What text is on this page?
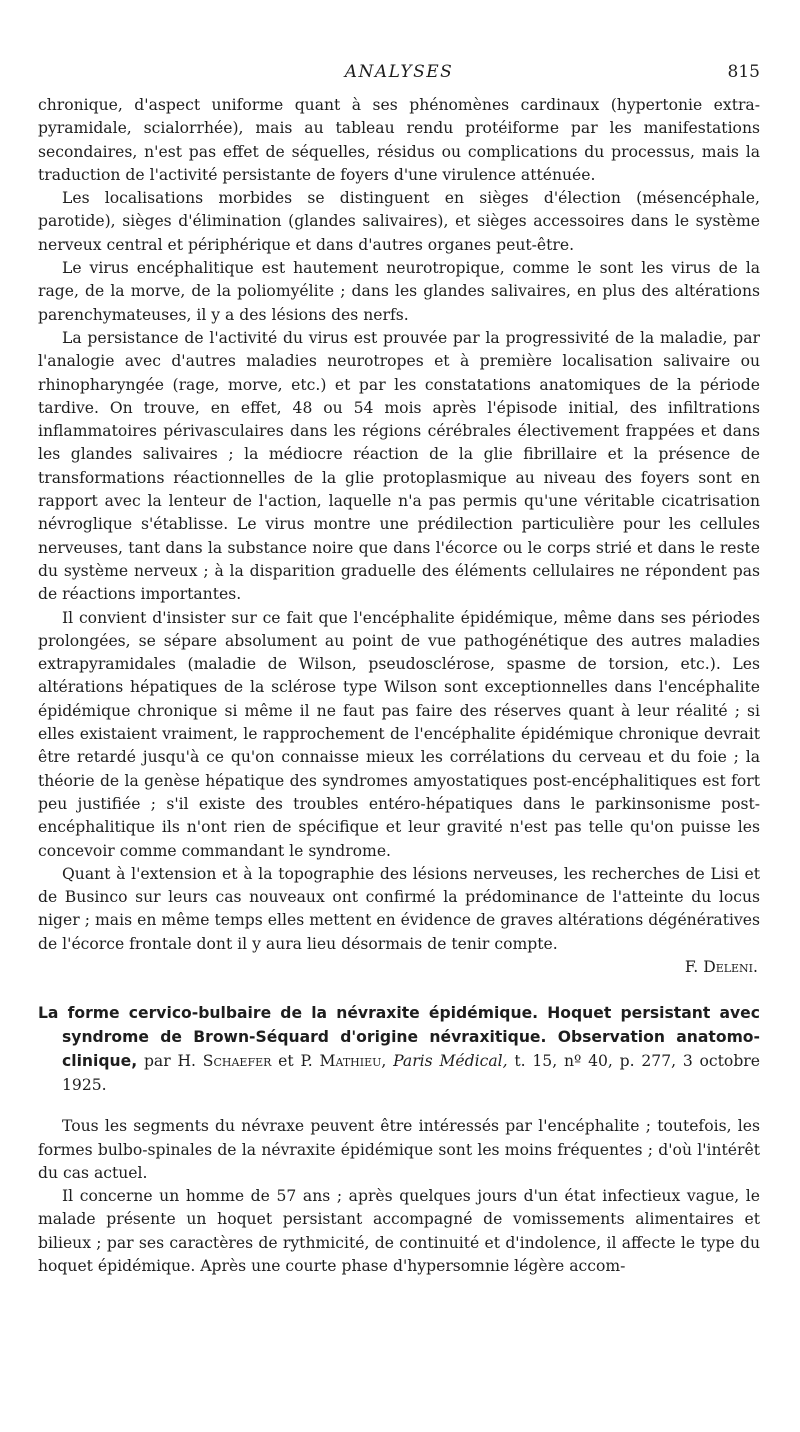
ANALYSES	815

chronique, d'aspect uniforme quant à ses phénomènes cardinaux (hypertonie extra-pyramidale, scialorrhée), mais au tableau rendu protéiforme par les manifestations secondaires, n'est pas effet de séquelles, résidus ou complications du processus, mais la traduction de l'activité persistante de foyers d'une virulence atténuée.

Les localisations morbides se distinguent en sièges d'élection (mésencéphale, parotide), sièges d'élimination (glandes salivaires), et sièges accessoires dans le système nerveux central et périphérique et dans d'autres organes peut-être.

Le virus encéphalitique est hautement neurotropique, comme le sont les virus de la rage, de la morve, de la poliomyélite ; dans les glandes salivaires, en plus des altérations parenchymateuses, il y a des lésions des nerfs.

La persistance de l'activité du virus est prouvée par la progressivité de la maladie, par l'analogie avec d'autres maladies neurotropes et à première localisation salivaire ou rhinopharyngée (rage, morve, etc.) et par les constatations anatomiques de la période tardive. On trouve, en effet, 48 ou 54 mois après l'épisode initial, des infiltrations inflammatoires périvasculaires dans les régions cérébrales électivement frappées et dans les glandes salivaires ; la médiocre réaction de la glie fibrillaire et la présence de transformations réactionnelles de la glie protoplasmique au niveau des foyers sont en rapport avec la lenteur de l'action, laquelle n'a pas permis qu'une véritable cicatrisation névroglique s'établisse. Le virus montre une prédilection particulière pour les cellules nerveuses, tant dans la substance noire que dans l'écorce ou le corps strié et dans le reste du système nerveux ; à la disparition graduelle des éléments cellulaires ne répondent pas de réactions importantes.

Il convient d'insister sur ce fait que l'encéphalite épidémique, même dans ses périodes prolongées, se sépare absolument au point de vue pathogénétique des autres maladies extrapyramidales (maladie de Wilson, pseudosclérose, spasme de torsion, etc.). Les altérations hépatiques de la sclérose type Wilson sont exceptionnelles dans l'encéphalite épidémique chronique si même il ne faut pas faire des réserves quant à leur réalité ; si elles existaient vraiment, le rapprochement de l'encéphalite épidémique chronique devrait être retardé jusqu'à ce qu'on connaisse mieux les corrélations du cerveau et du foie ; la théorie de la genèse hépatique des syndromes amyostatiques post-encéphalitiques est fort peu justifiée ; s'il existe des troubles entéro-hépatiques dans le parkinsonisme post-encéphalitique ils n'ont rien de spécifique et leur gravité n'est pas telle qu'on puisse les concevoir comme commandant le syndrome.

Quant à l'extension et à la topographie des lésions nerveuses, les recherches de Lisi et de Businco sur leurs cas nouveaux ont confirmé la prédominance de l'atteinte du locus niger ; mais en même temps elles mettent en évidence de graves altérations dégénératives de l'écorce frontale dont il y aura lieu désormais de tenir compte.

F. Deleni.

La forme cervico-bulbaire de la névraxite épidémique. Hoquet persistant avec syndrome de Brown-Séquard d'origine névraxitique. Observation anatomo-clinique, par H. Schaefer et P. Mathieu, Paris Médical, t. 15, nº 40, p. 277, 3 octobre 1925.

Tous les segments du névraxe peuvent être intéressés par l'encéphalite ; toutefois, les formes bulbo-spinales de la névraxite épidémique sont les moins fréquentes ; d'où l'intérêt du cas actuel.

Il concerne un homme de 57 ans ; après quelques jours d'un état infectieux vague, le malade présente un hoquet persistant accompagné de vomissements alimentaires et bilieux ; par ses caractères de rythmicité, de continuité et d'indolence, il affecte le type du hoquet épidémique. Après une courte phase d'hypersomnie légère accom-
